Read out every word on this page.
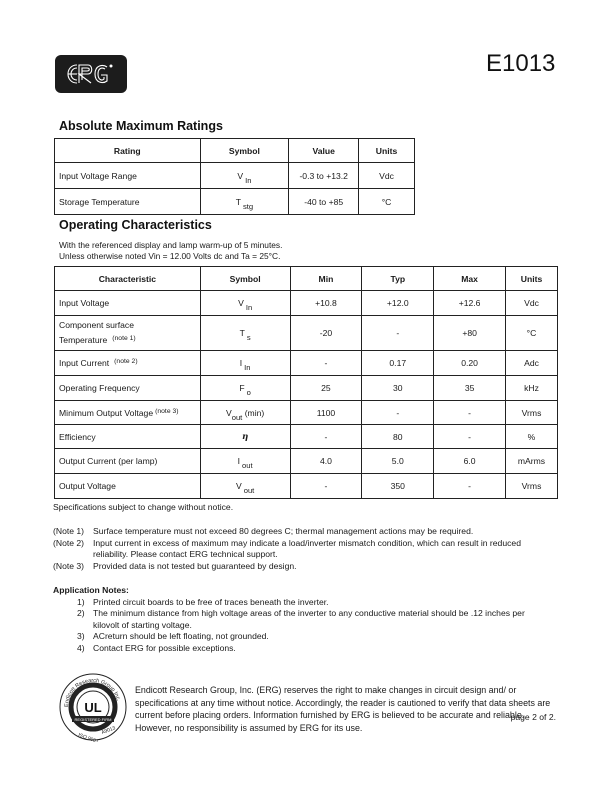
E1013
Absolute Maximum Ratings
Rating	Symbol	Value	Units
Input Voltage Range	V In	-0.3 to +13.2	Vdc
Storage Temperature	T stg	-40 to +85	°C
Operating Characteristics
With the referenced display and lamp warm-up of 5 minutes.
Unless otherwise noted Vin = 12.00 Volts dc and Ta = 25°C.
Characteristic	Symbol	Min	Typ	Max	Units
Input Voltage	V In	+10.8	+12.0	+12.6	Vdc

Component surface
Temperature $^{(note 1)}$	T s	-20	-	+80	°C
Input Current $^{(note 2)}$	I In	-	0.17	0.20	Adc
Operating Frequency	F o	25	30	35	kHz
Minimum Output Voltage $^{(note 3)}$	Vout (min)	1100	-	-	Vrms
Efficiency	η	-	80	-	%
Output Current (per lamp)	I out	4.0	5.0	6.0	mArms
Output Voltage	V out	-	350	-	Vrms
Specifications subject to change without notice.
(Note 1)	Surface temperature must not exceed 80 degrees C; thermal management actions may be required.
(Note 2)	Input current in excess of maximum may indicate a load/inverter mismatch condition, which can result in reduced reliability. Please contact ERG technical support.
(Note 3)	Provided data is not tested but guaranteed by design.
Application Notes:
1) Printed circuit boards to be free of traces beneath the inverter.
2) The minimum distance from high voltage areas of the inverter to any conductive material should be .12 inches per kilovolt of starting voltage.
3) ACreturn should be left floating, not grounded.
4) Contact ERG for possible exceptions.
UL
REGISTERED FIRM
ISO 9001
A9013
Endicott Research Group Inc.
Endicott Research Group, Inc. (ERG) reserves the right to make changes in circuit design and/ or specifications at any time without notice. Accordingly, the reader is cautioned to verify that data sheets are current before placing orders. Information furnished by ERG is believed to be accurate and reliable. However, no responsibility is assumed by ERG for its use.
page 2 of 2.
